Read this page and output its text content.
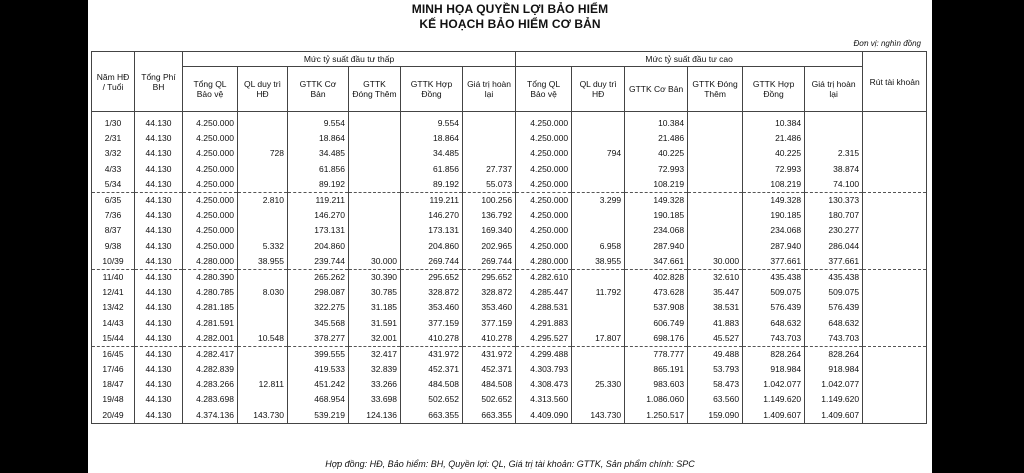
MINH HỌA QUYỀN LỢI BẢO HIỂM
KẾ HOẠCH BẢO HIỂM CƠ BẢN
Đơn vị: nghìn đồng
Năm HĐ / Tuổi	Tổng Phí BH	Mức tỷ suất đầu tư thấp						Mức tỷ suất đầu tư cao						Rút tài khoản
		Tổng QL Bảo vệ	QL duy trì HĐ	GTTK Cơ Bản	GTTK Đóng Thêm	GTTK Hợp Đồng	Giá trị hoàn lại	Tổng QL Bảo vệ	QL duy trì HĐ	GTTK Cơ Bản	GTTK Đóng Thêm	GTTK Hợp Đồng	Giá trị hoàn lại	
1/30	44.130	4.250.000		9.554		9.554		4.250.000		10.384		10.384		
2/31	44.130	4.250.000		18.864		18.864		4.250.000		21.486		21.486		
3/32	44.130	4.250.000	728	34.485		34.485		4.250.000	794	40.225		40.225	2.315	
4/33	44.130	4.250.000		61.856		61.856	27.737	4.250.000		72.993		72.993	38.874	
5/34	44.130	4.250.000		89.192		89.192	55.073	4.250.000		108.219		108.219	74.100	
6/35	44.130	4.250.000	2.810	119.211		119.211	100.256	4.250.000	3.299	149.328		149.328	130.373	
7/36	44.130	4.250.000		146.270		146.270	136.792	4.250.000		190.185		190.185	180.707	
8/37	44.130	4.250.000		173.131		173.131	169.340	4.250.000		234.068		234.068	230.277	
9/38	44.130	4.250.000	5.332	204.860		204.860	202.965	4.250.000	6.958	287.940		287.940	286.044	
10/39	44.130	4.280.000	38.955	239.744	30.000	269.744	269.744	4.280.000	38.955	347.661	30.000	377.661	377.661	
11/40	44.130	4.280.390		265.262	30.390	295.652	295.652	4.282.610		402.828	32.610	435.438	435.438	
12/41	44.130	4.280.785	8.030	298.087	30.785	328.872	328.872	4.285.447	11.792	473.628	35.447	509.075	509.075	
13/42	44.130	4.281.185		322.275	31.185	353.460	353.460	4.288.531		537.908	38.531	576.439	576.439	
14/43	44.130	4.281.591		345.568	31.591	377.159	377.159	4.291.883		606.749	41.883	648.632	648.632	
15/44	44.130	4.282.001	10.548	378.277	32.001	410.278	410.278	4.295.527	17.807	698.176	45.527	743.703	743.703	
16/45	44.130	4.282.417		399.555	32.417	431.972	431.972	4.299.488		778.777	49.488	828.264	828.264	
17/46	44.130	4.282.839		419.533	32.839	452.371	452.371	4.303.793		865.191	53.793	918.984	918.984	
18/47	44.130	4.283.266	12.811	451.242	33.266	484.508	484.508	4.308.473	25.330	983.603	58.473	1.042.077	1.042.077	
19/48	44.130	4.283.698		468.954	33.698	502.652	502.652	4.313.560		1.086.060	63.560	1.149.620	1.149.620	
20/49	44.130	4.374.136	143.730	539.219	124.136	663.355	663.355	4.409.090	143.730	1.250.517	159.090	1.409.607	1.409.607	
Hợp đồng: HĐ, Bảo hiểm: BH, Quyền lợi: QL, Giá trị tài khoản: GTTK, Sản phẩm chính: SPC
